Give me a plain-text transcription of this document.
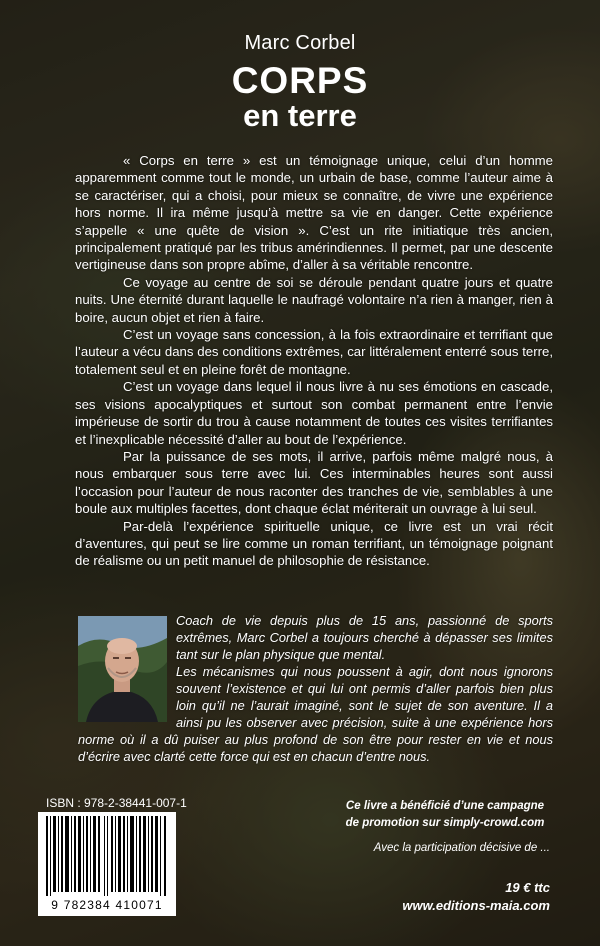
Marc Corbel
CORPS
en terre

« Corps en terre » est un témoignage unique, celui d’un homme apparemment comme tout le monde, un urbain de base, comme l’auteur aime à se caractériser, qui a choisi, pour mieux se connaître, de vivre une expérience hors norme. Il ira même jusqu’à mettre sa vie en danger. Cette expérience s’appelle « une quête de vision ». C’est un rite initiatique très ancien, principalement pratiqué par les tribus amérindiennes. Il permet, par une descente vertigineuse dans son propre abîme, d’aller à sa véritable rencontre.

Ce voyage au centre de soi se déroule pendant quatre jours et quatre nuits. Une éternité durant laquelle le naufragé volontaire n’a rien à manger, rien à boire, aucun objet et rien à faire.

C’est un voyage sans concession, à la fois extraordinaire et terrifiant que l’auteur a vécu dans des conditions extrêmes, car littéralement enterré sous terre, totalement seul et en pleine forêt de montagne.

C’est un voyage dans lequel il nous livre à nu ses émotions en cascade, ses visions apocalyptiques et surtout son combat permanent entre l’envie impérieuse de sortir du trou à cause notamment de toutes ces visites terrifiantes et l’inexplicable nécessité d’aller au bout de l’expérience.

Par la puissance de ses mots, il arrive, parfois même malgré nous, à nous embarquer sous terre avec lui. Ces interminables heures sont aussi l’occasion pour l’auteur de nous raconter des tranches de vie, semblables à une boule aux multiples facettes, dont chaque éclat mériterait un ouvrage à lui seul.

Par-delà l’expérience spirituelle unique, ce livre est un vrai récit d’aventures, qui peut se lire comme un roman terrifiant, un témoignage poignant de réalisme ou un petit manuel de philosophie de résistance.

Coach de vie depuis plus de 15 ans, passionné de sports extrêmes, Marc Corbel a toujours cherché à dépasser ses limites tant sur le plan physique que mental.

Les mécanismes qui nous poussent à agir, dont nous ignorons souvent l’existence et qui lui ont permis d’aller parfois bien plus loin qu’il ne l’aurait imaginé, sont le sujet de son aventure. Il a ainsi pu les observer avec précision, suite à une expérience hors norme où il a dû puiser au plus profond de son être pour rester en vie et nous d’écrire avec clarté cette force qui est en chacun d’entre nous.

ISBN : 978-2-38441-007-1
9 782384 410071
Ce livre a bénéficié d’une campagne
de promotion sur simply-crowd.com
Avec la participation décisive de ...
19 € ttc
www.editions-maia.com
